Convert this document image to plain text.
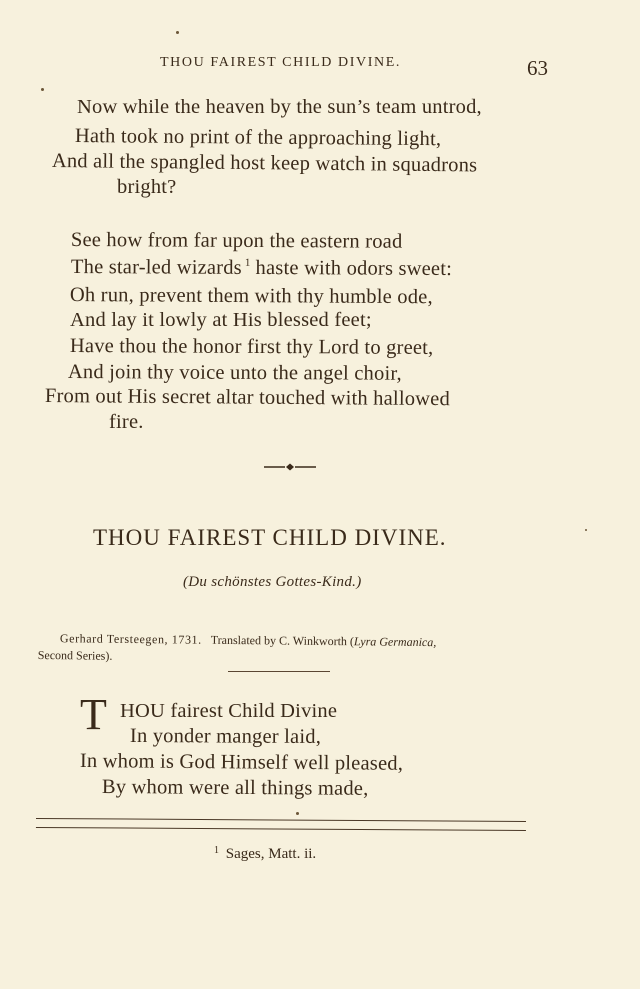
THOU FAIREST CHILD DIVINE.	63
Now while the heaven by the sun’s team untrod,
Hath took no print of the approaching light,
And all the spangled host keep watch in squadrons
bright?
See how from far upon the eastern road
The star-led wizards $^1$ haste with odors sweet:
Oh run, prevent them with thy humble ode,
And lay it lowly at His blessed feet;
Have thou the honor first thy Lord to greet,
And join thy voice unto the angel choir,
From out His secret altar touched with hallowed
fire.
THOU FAIREST CHILD DIVINE.
(Du schönstes Gottes-Kind.)
Gerhard Tersteegen, 1731. Translated by C. Winkworth (Lyra Germanica,
Second Series).
T HOU fairest Child Divine
In yonder manger laid,
In whom is God Himself well pleased,
By whom were all things made,
$^1$ Sages, Matt. ii.
